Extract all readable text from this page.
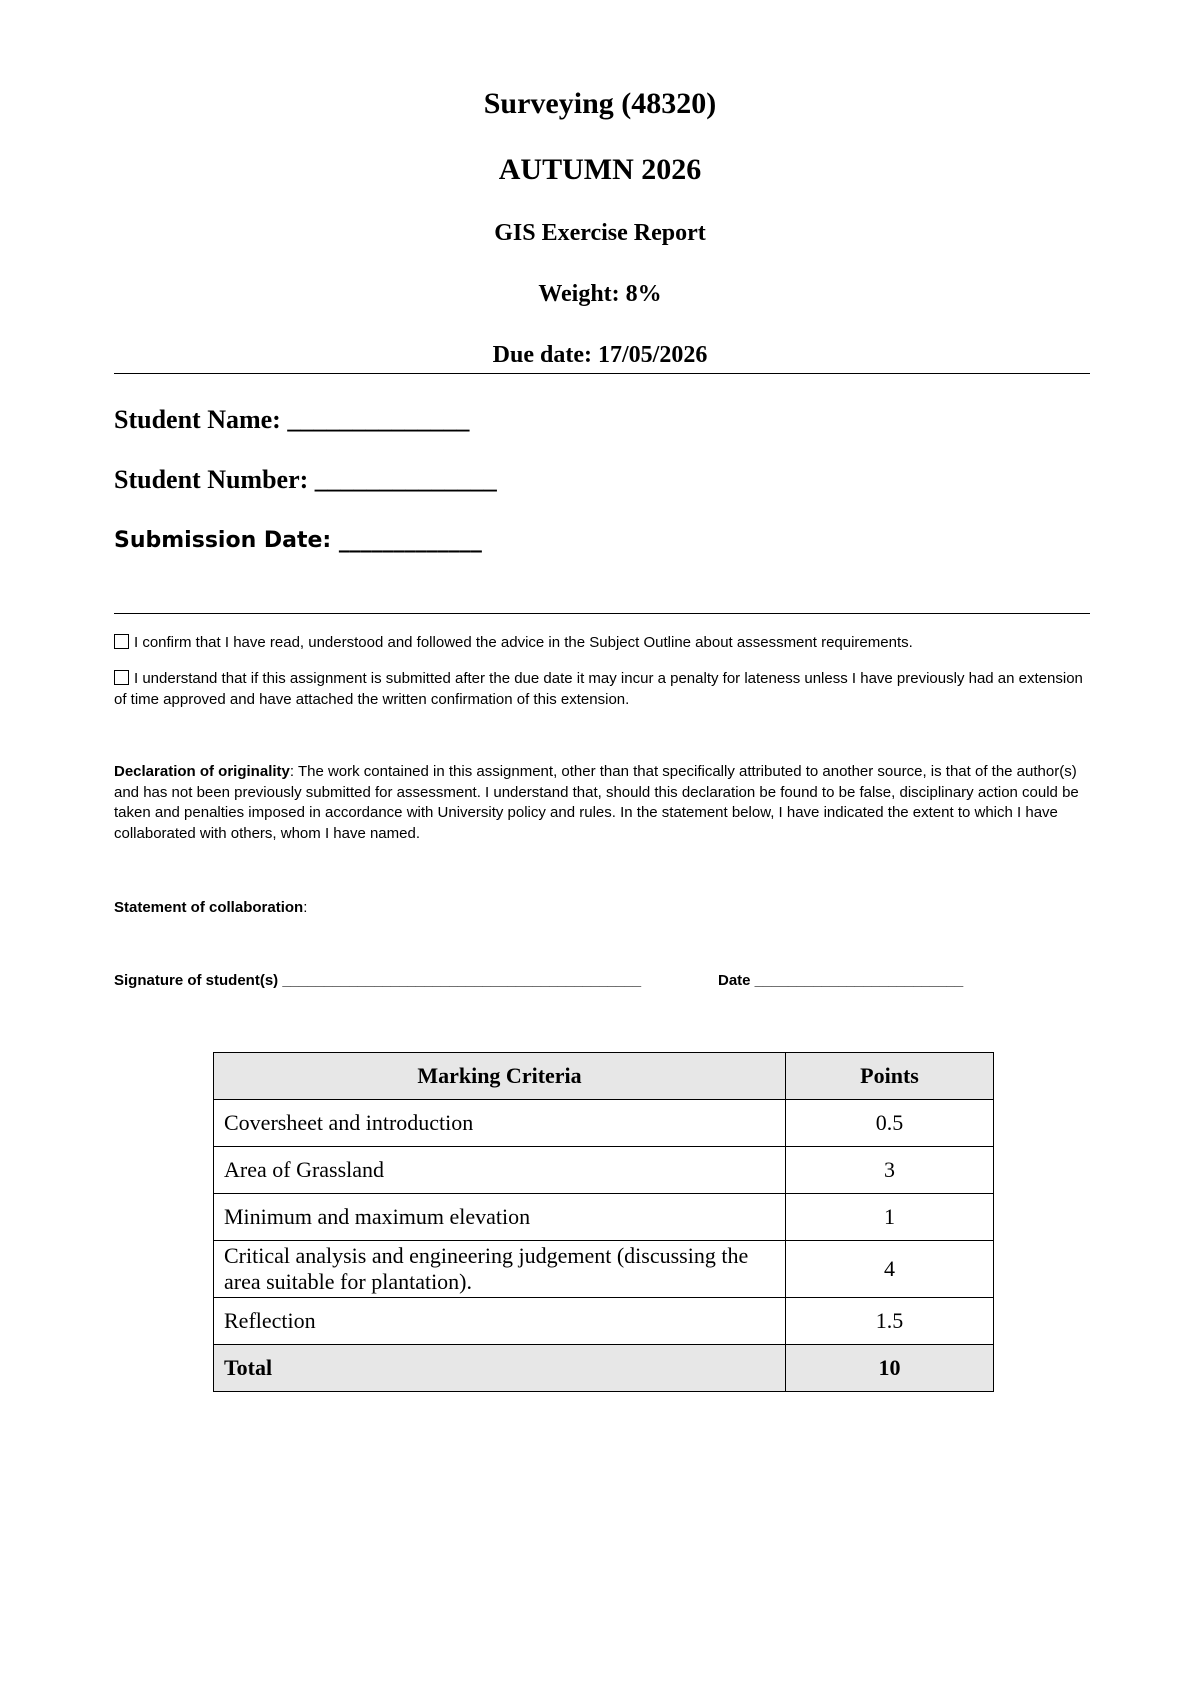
Surveying (48320)
AUTUMN 2026
GIS Exercise Report
Weight: 8%
Due date: 17/05/2026
Student Name: ______________
Student Number: ______________
Submission Date: _____________
I confirm that I have read, understood and followed the advice in the Subject Outline about assessment requirements.
I understand that if this assignment is submitted after the due date it may incur a penalty for lateness unless I have previously had an extension of time approved and have attached the written confirmation of this extension.
Declaration of originality: The work contained in this assignment, other than that specifically attributed to another source, is that of the author(s) and has not been previously submitted for assessment. I understand that, should this declaration be found to be false, disciplinary action could be taken and penalties imposed in accordance with University policy and rules. In the statement below, I have indicated the extent to which I have collaborated with others, whom I have named.
Statement of collaboration:
Signature of student(s) ___________________________________________	Date _________________________
Marking Criteria	Points
Coversheet and introduction	0.5
Area of Grassland	3
Minimum and maximum elevation	1
Critical analysis and engineering judgement (discussing the area suitable for plantation).	4
Reflection	1.5
Total	10
